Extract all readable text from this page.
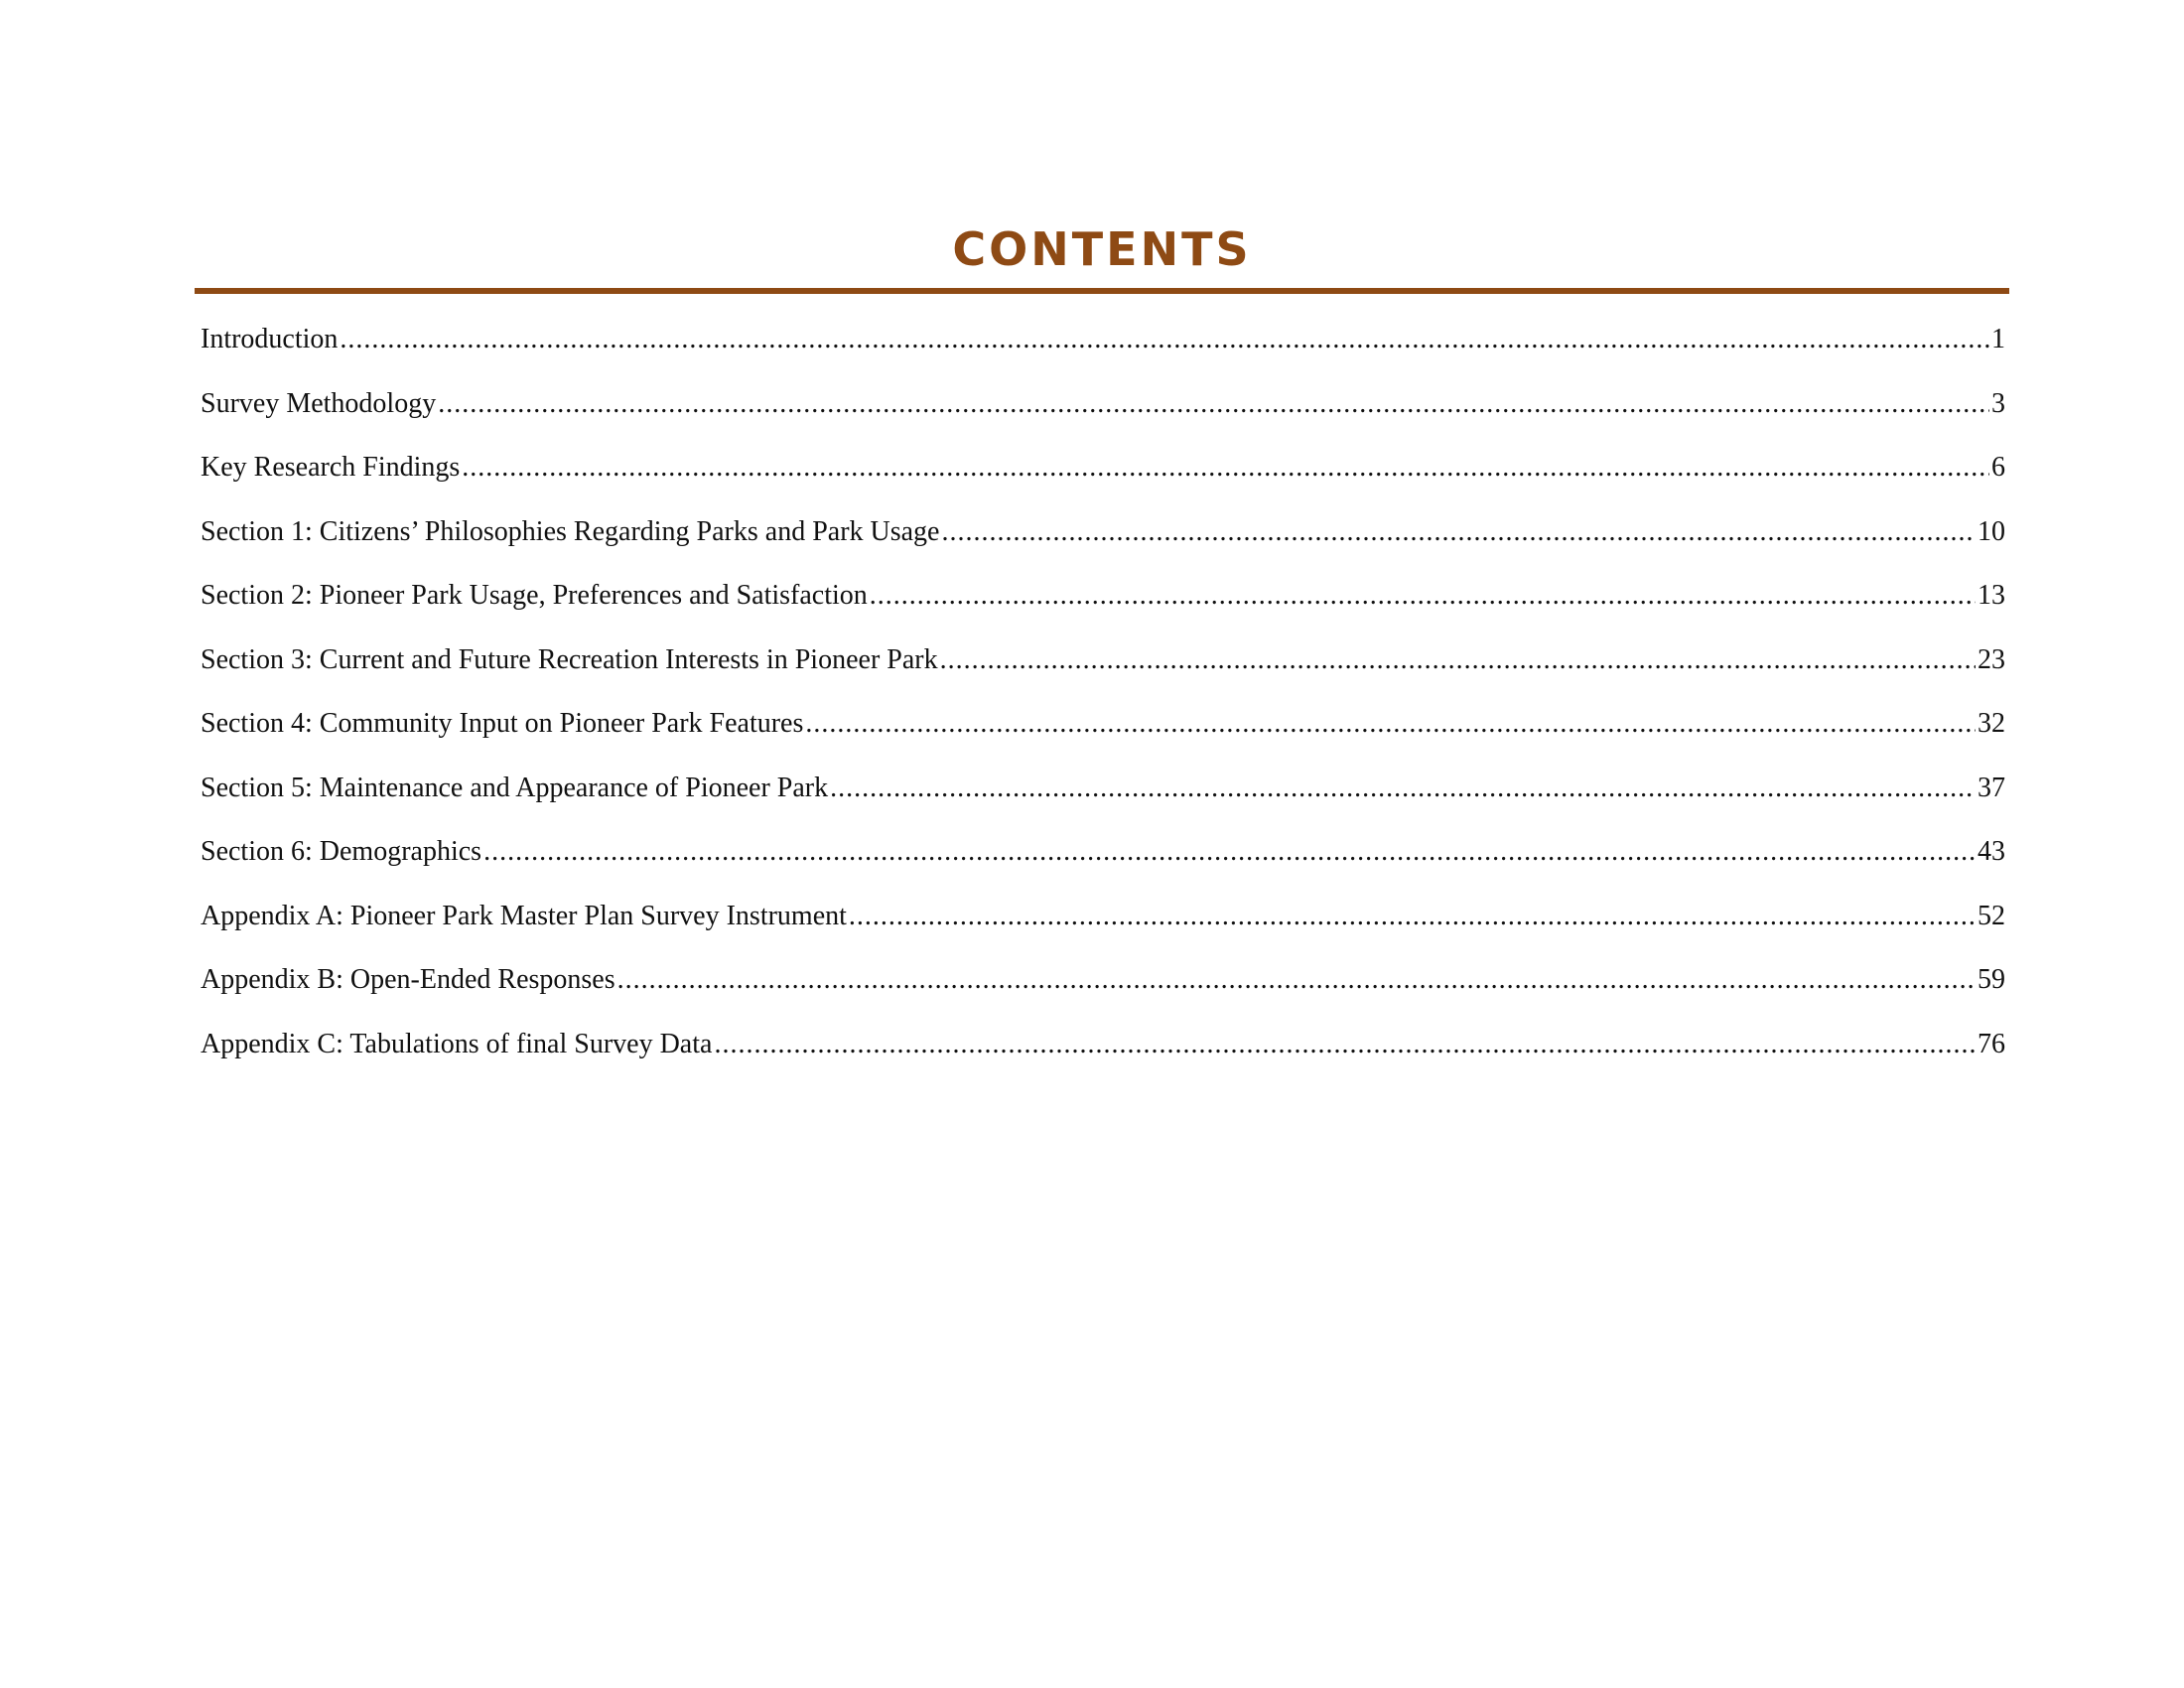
CONTENTS
Introduction .....	1
Survey Methodology .....	3
Key Research Findings .....	6
Section 1: Citizens’ Philosophies Regarding Parks and Park Usage .....	10
Section 2: Pioneer Park Usage, Preferences and Satisfaction .....	13
Section 3: Current and Future Recreation Interests in Pioneer Park .....	23
Section 4: Community Input on Pioneer Park Features .....	32
Section 5: Maintenance and Appearance of Pioneer Park .....	37
Section 6: Demographics .....	43
Appendix A: Pioneer Park Master Plan Survey Instrument .....	52
Appendix B: Open-Ended Responses .....	59
Appendix C: Tabulations of final Survey Data .....	76
